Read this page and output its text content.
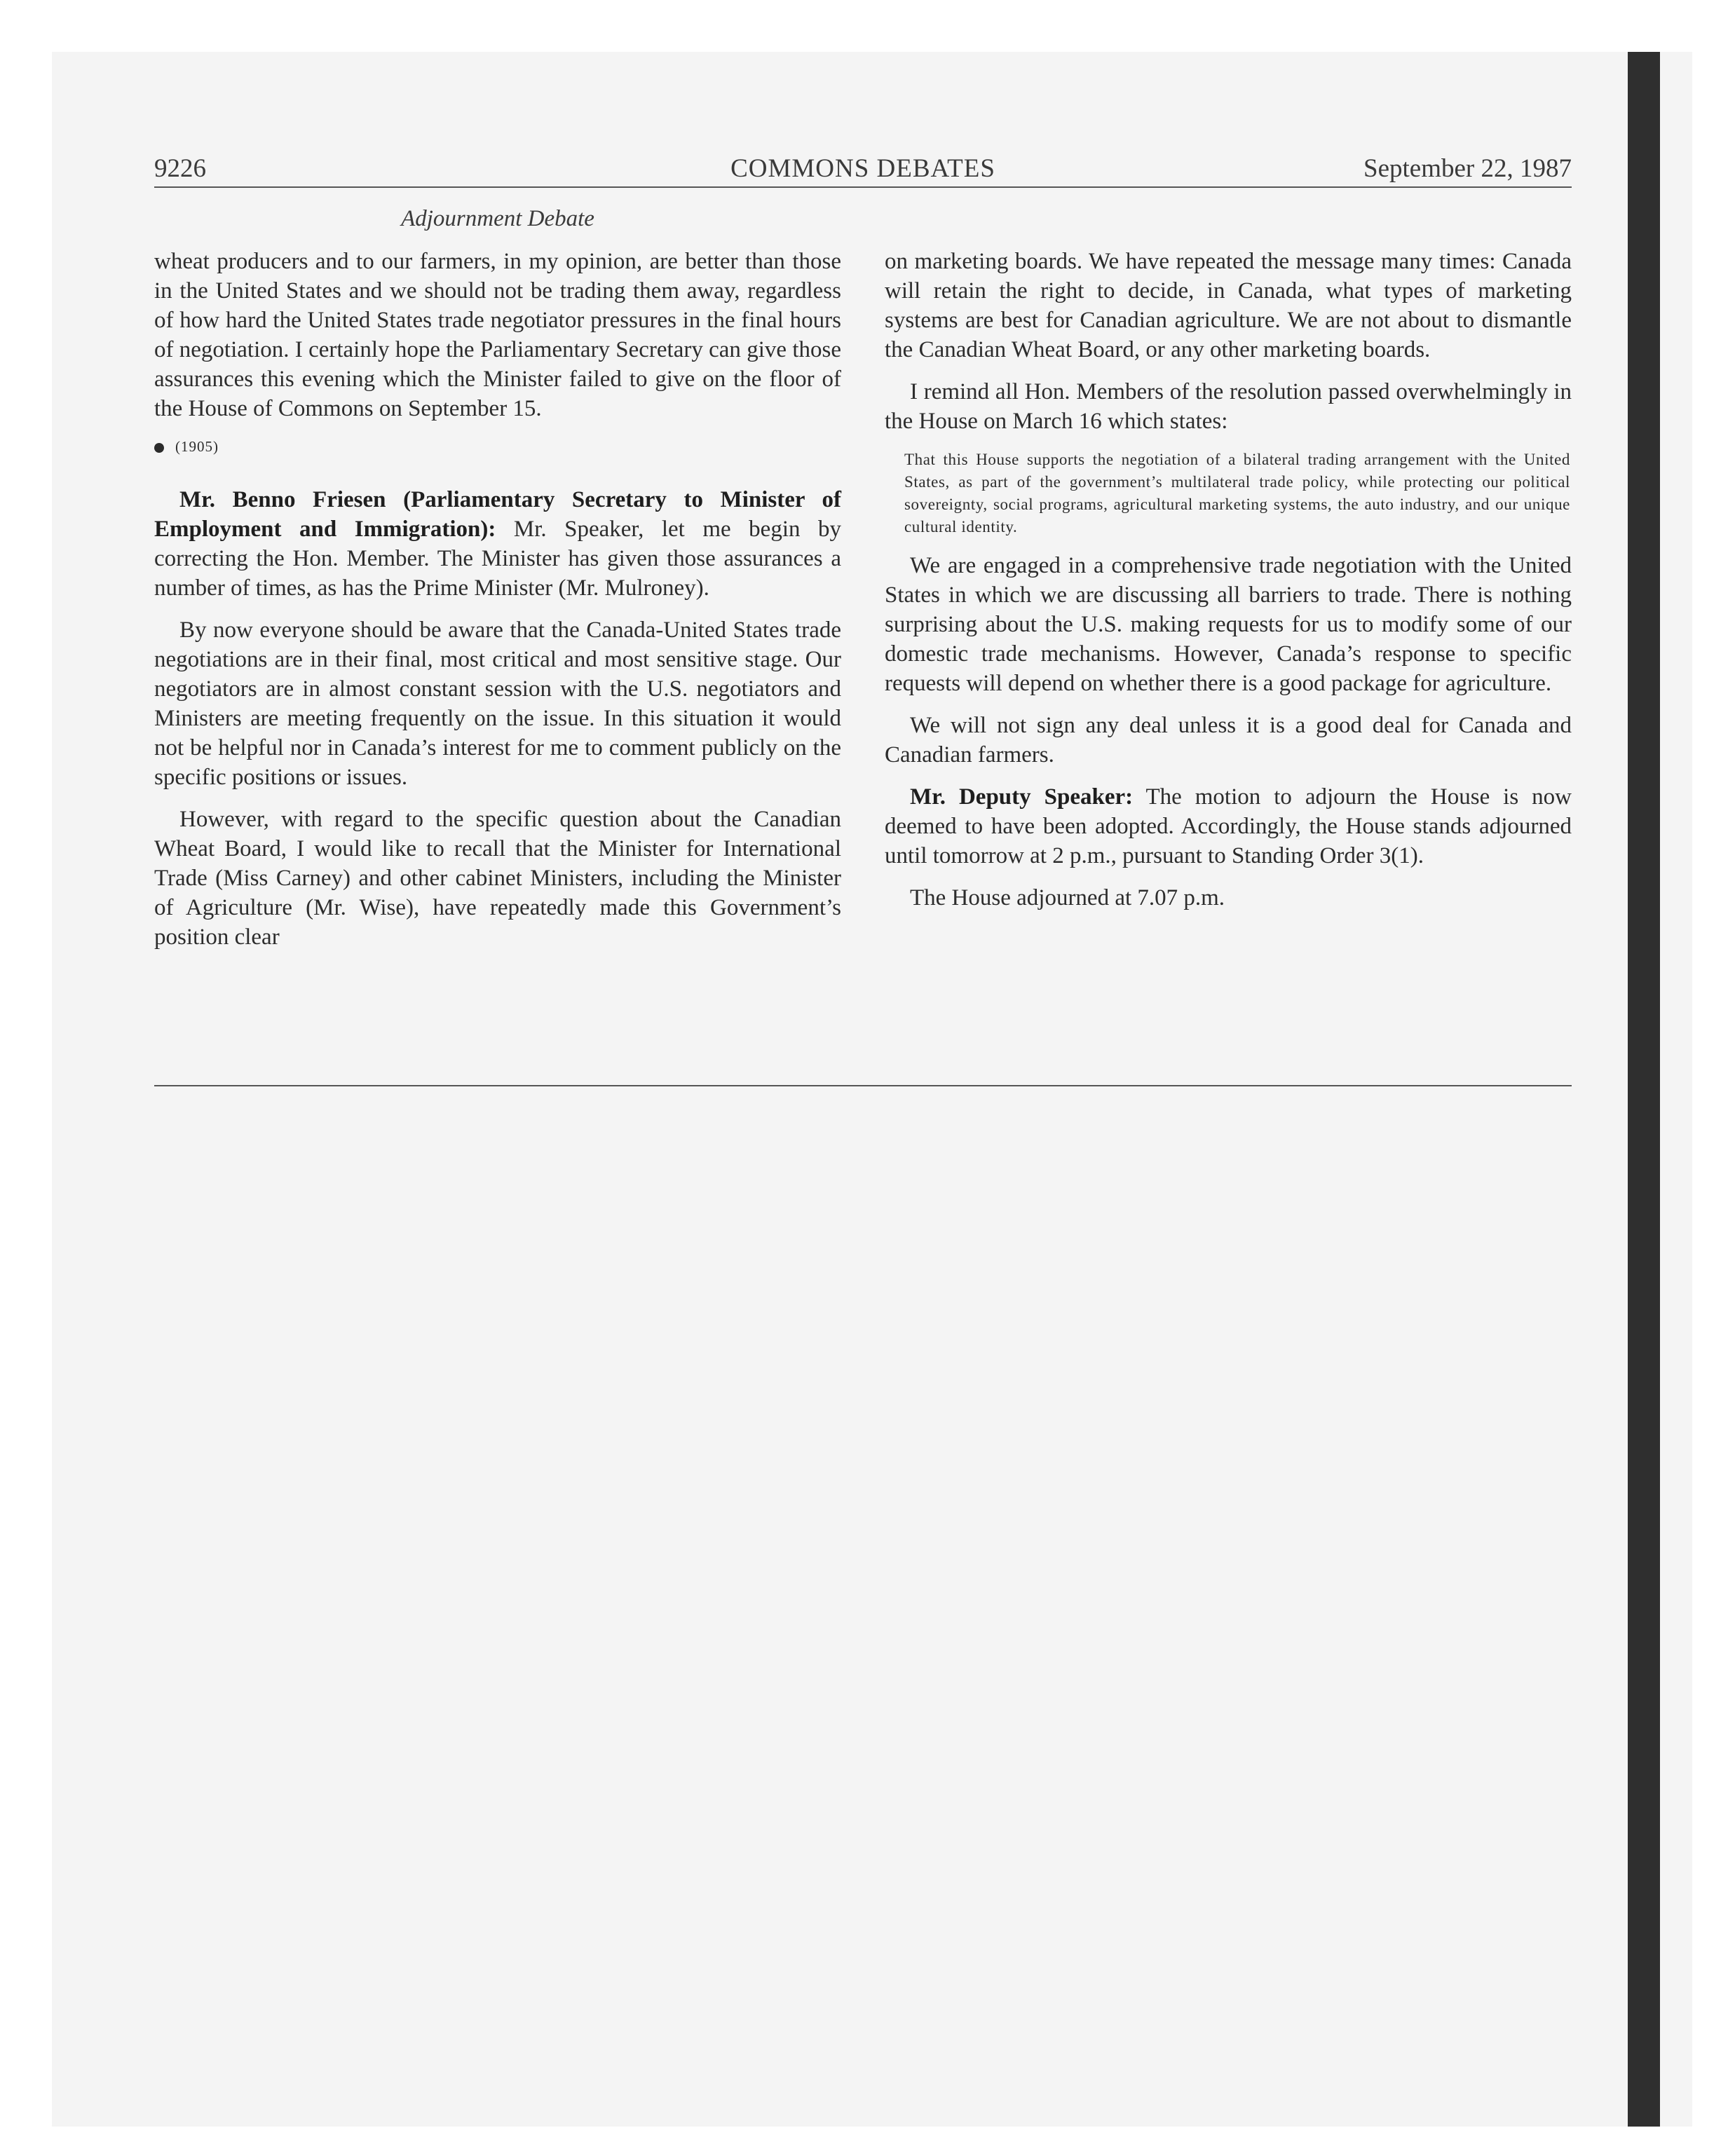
9226	COMMONS DEBATES	September 22, 1987
Adjournment Debate

wheat producers and to our farmers, in my opinion, are better than those in the United States and we should not be trading them away, regardless of how hard the United States trade negotiator pressures in the final hours of negotiation. I certainly hope the Parliamentary Secretary can give those assurances this evening which the Minister failed to give on the floor of the House of Commons on September 15.

(1905)

Mr. Benno Friesen (Parliamentary Secretary to Minister of Employment and Immigration): Mr. Speaker, let me begin by correcting the Hon. Member. The Minister has given those assurances a number of times, as has the Prime Minister (Mr. Mulroney).

By now everyone should be aware that the Canada-United States trade negotiations are in their final, most critical and most sensitive stage. Our negotiators are in almost constant session with the U.S. negotiators and Ministers are meeting frequently on the issue. In this situation it would not be helpful nor in Canada’s interest for me to comment publicly on the specific positions or issues.

However, with regard to the specific question about the Canadian Wheat Board, I would like to recall that the Minister for International Trade (Miss Carney) and other cabinet Ministers, including the Minister of Agriculture (Mr. Wise), have repeatedly made this Government’s position clear

on marketing boards. We have repeated the message many times: Canada will retain the right to decide, in Canada, what types of marketing systems are best for Canadian agriculture. We are not about to dismantle the Canadian Wheat Board, or any other marketing boards.

I remind all Hon. Members of the resolution passed overwhelmingly in the House on March 16 which states:

That this House supports the negotiation of a bilateral trading arrangement with the United States, as part of the government’s multilateral trade policy, while protecting our political sovereignty, social programs, agricultural marketing systems, the auto industry, and our unique cultural identity.

We are engaged in a comprehensive trade negotiation with the United States in which we are discussing all barriers to trade. There is nothing surprising about the U.S. making requests for us to modify some of our domestic trade mechanisms. However, Canada’s response to specific requests will depend on whether there is a good package for agriculture.

We will not sign any deal unless it is a good deal for Canada and Canadian farmers.

Mr. Deputy Speaker: The motion to adjourn the House is now deemed to have been adopted. Accordingly, the House stands adjourned until tomorrow at 2 p.m., pursuant to Standing Order 3(1).

The House adjourned at 7.07 p.m.
